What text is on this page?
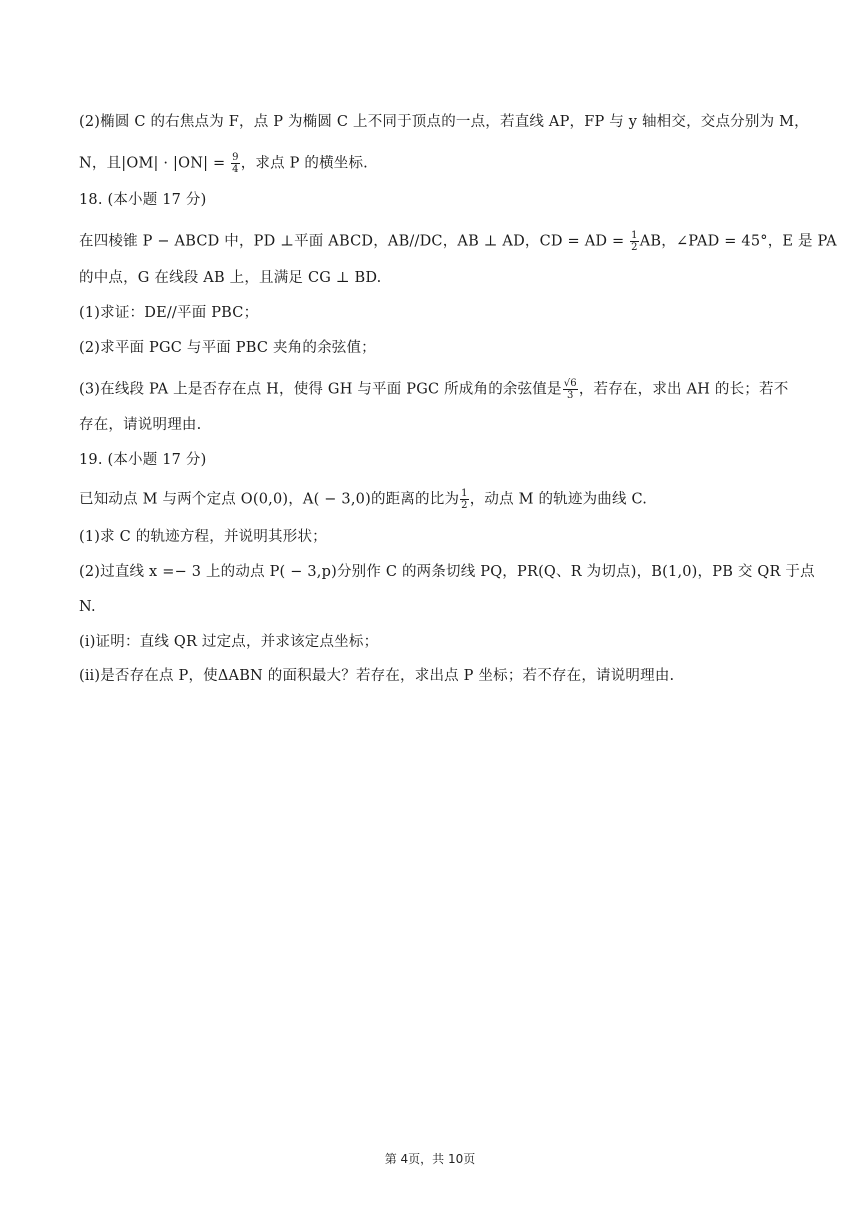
(2)椭圆 C 的右焦点为 F，点 P 为椭圆 C 上不同于顶点的一点，若直线 AP，FP 与 y 轴相交，交点分别为 M，
N，且$|OM| \cdot |ON| = \frac{9}{4}$ ，求点 P 的横坐标.
18. (本小题 17 分)
在四棱锥 P − ABCD 中，PD ⊥平面 ABCD，AB//DC，AB ⊥ AD，CD = AD = $\frac{1}{2}$ AB，∠PAD = 45°，E 是 PA
的中点，G 在线段 AB 上，且满足 CG ⊥ BD.
(1)求证：DE//平面 PBC；
(2)求平面 PGC 与平面 PBC 夹角的余弦值；
(3)在线段 PA 上是否存在点 H，使得 GH 与平面 PGC 所成角的余弦值是 $\frac{√6}{3}$ ，若存在，求出 AH 的长；若不
存在，请说明理由.
19. (本小题 17 分)
已知动点 M 与两个定点 O(0,0)，A( − 3,0)的距离的比为 $\frac{1}{2}$ ，动点 M 的轨迹为曲线 C.
(1)求 C 的轨迹方程，并说明其形状；
(2)过直线 x =− 3 上的动点 P( − 3,p)分别作 C 的两条切线 PQ，PR(Q、R 为切点)，B(1,0)，PB 交 QR 于点
N.
(ⅰ)证明：直线 QR 过定点，并求该定点坐标；
(ⅱ)是否存在点 P，使ΔABN 的面积最大？若存在，求出点 P 坐标；若不存在，请说明理由.
第 4页，共 10页
